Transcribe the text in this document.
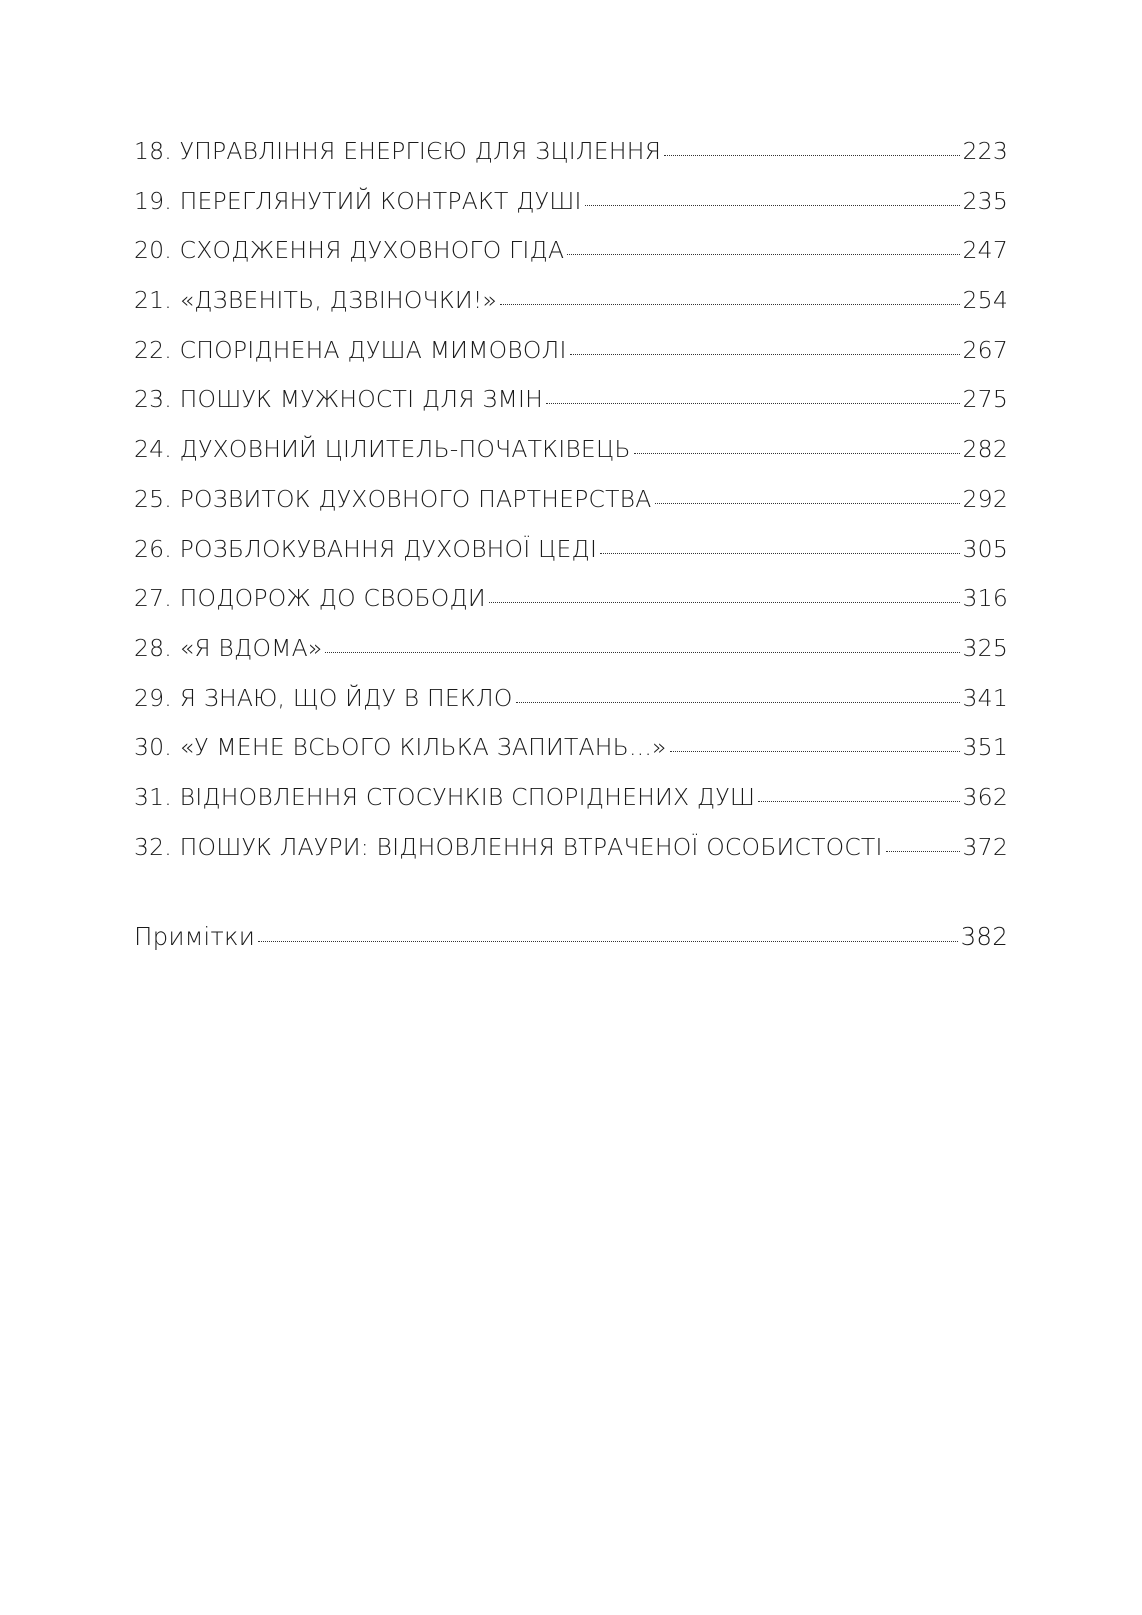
18. УПРАВЛІННЯ ЕНЕРГІЄЮ ДЛЯ ЗЦІЛЕННЯ	223
19. ПЕРЕГЛЯНУТИЙ КОНТРАКТ ДУШІ	235
20. СХОДЖЕННЯ ДУХОВНОГО ГІДА	247
21. «ДЗВЕНІТЬ, ДЗВІНОЧКИ!»	254
22. СПОРІДНЕНА ДУША МИМОВОЛІ	267
23. ПОШУК МУЖНОСТІ ДЛЯ ЗМІН	275
24. ДУХОВНИЙ ЦІЛИТЕЛЬ-ПОЧАТКІВЕЦЬ	282
25. РОЗВИТОК ДУХОВНОГО ПАРТНЕРСТВА	292
26. РОЗБЛОКУВАННЯ ДУХОВНОЇ ЦЕДІ	305
27. ПОДОРОЖ ДО СВОБОДИ	316
28. «Я ВДОМА»	325
29. Я ЗНАЮ, ЩО ЙДУ В ПЕКЛО	341
30. «У МЕНЕ ВСЬОГО КІЛЬКА ЗАПИТАНЬ...»	351
31. ВІДНОВЛЕННЯ СТОСУНКІВ СПОРІДНЕНИХ ДУШ	362
32. ПОШУК ЛАУРИ: ВІДНОВЛЕННЯ ВТРАЧЕНОЇ ОСОБИСТОСТІ	372
Примітки	382
